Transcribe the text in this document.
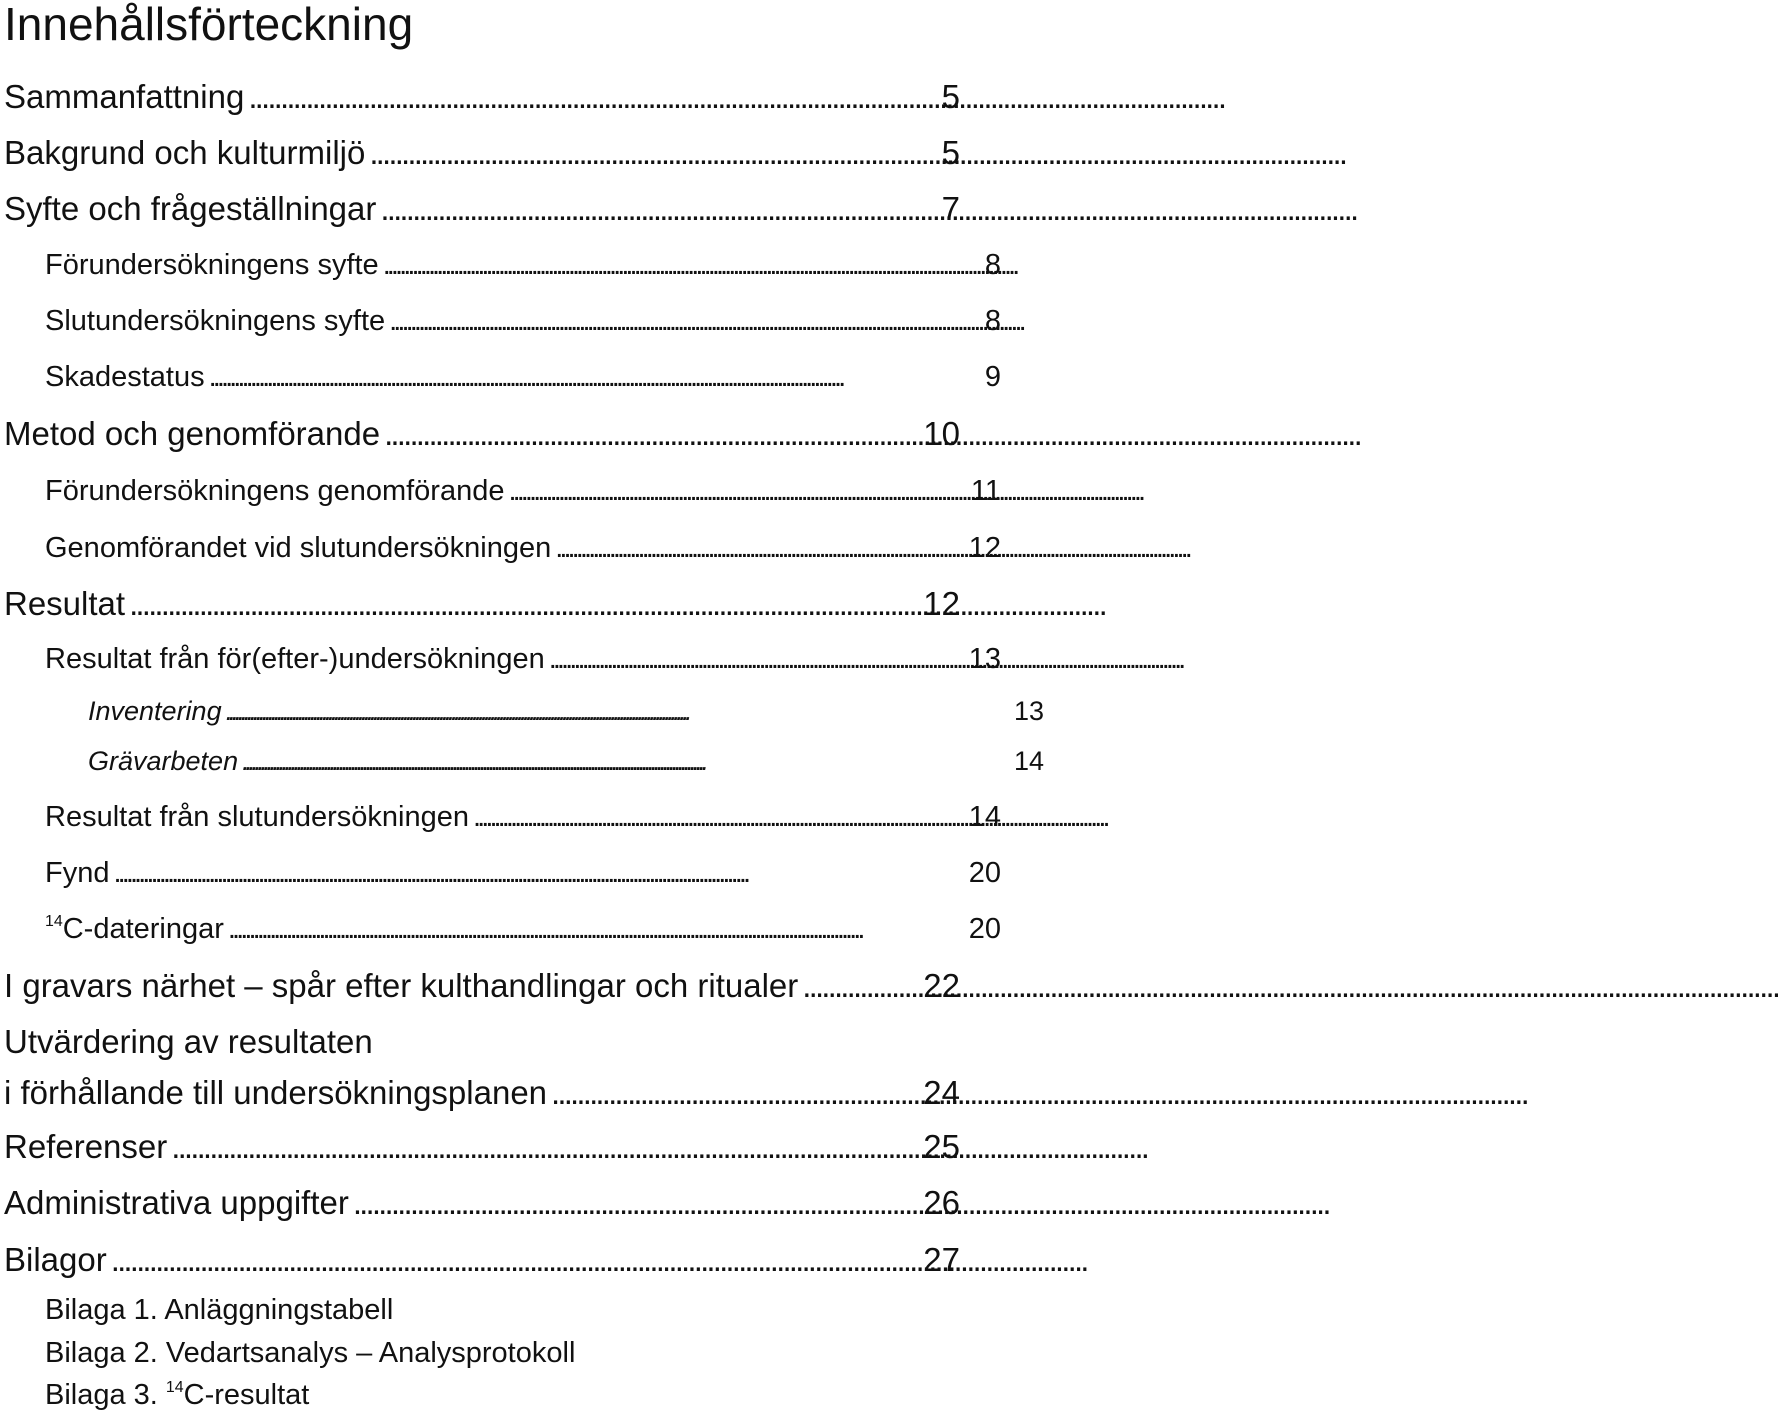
Innehållsförteckning
Sammanfattning . . .	5
Bakgrund och kulturmiljö . . .	5
Syfte och frågeställningar . . .	7
Förundersökningens syfte . . .	8
Slutundersökningens syfte . . .	8
Skadestatus . . .	9
Metod och genomförande . . .	10
Förundersökningens genomförande . . .	11
Genomförandet vid slutundersökningen . . .	12
Resultat . . .	12
Resultat från för(efter-)undersökningen . . .	13
Inventering . . .	13
Grävarbeten . . .	14
Resultat från slutundersökningen . . .	14
Fynd . . .	20
$^{14}$C-dateringar . . .	20
I gravars närhet – spår efter kulthandlingar och ritualer . . .	22
Utvärdering av resultaten
i förhållande till undersökningsplanen . . .	24
Referenser . . .	25
Administrativa uppgifter . . .	26
Bilagor . . .	27
Bilaga 1. Anläggningstabell
Bilaga 2. Vedartsanalys – Analysprotokoll
Bilaga 3. $^{14}$C-resultat
